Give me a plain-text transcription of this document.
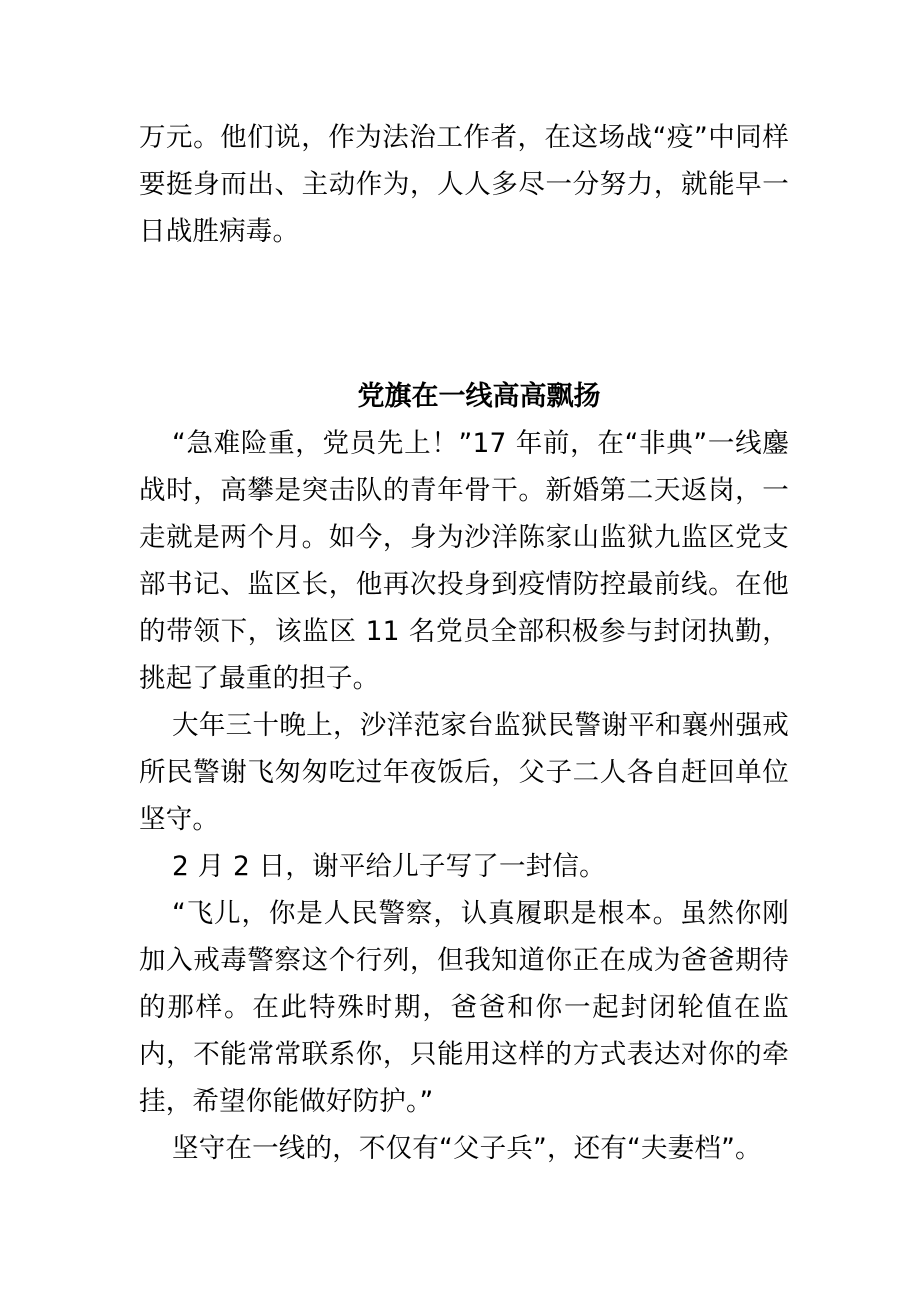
万元。他们说，作为法治工作者，在这场战“疫”中同样要挺身而出、主动作为，人人多尽一分努力，就能早一日战胜病毒。

党旗在一线高高飘扬

“急难险重，党员先上！”17 年前，在“非典”一线鏖战时，高攀是突击队的青年骨干。新婚第二天返岗，一走就是两个月。如今，身为沙洋陈家山监狱九监区党支部书记、监区长，他再次投身到疫情防控最前线。在他的带领下，该监区 11 名党员全部积极参与封闭执勤，挑起了最重的担子。

大年三十晚上，沙洋范家台监狱民警谢平和襄州强戒所民警谢飞匆匆吃过年夜饭后，父子二人各自赶回单位坚守。

2 月 2 日，谢平给儿子写了一封信。

“飞儿，你是人民警察，认真履职是根本。虽然你刚加入戒毒警察这个行列，但我知道你正在成为爸爸期待的那样。在此特殊时期，爸爸和你一起封闭轮值在监内，不能常常联系你，只能用这样的方式表达对你的牵挂，希望你能做好防护。”

坚守在一线的，不仅有“父子兵”，还有“夫妻档”。
